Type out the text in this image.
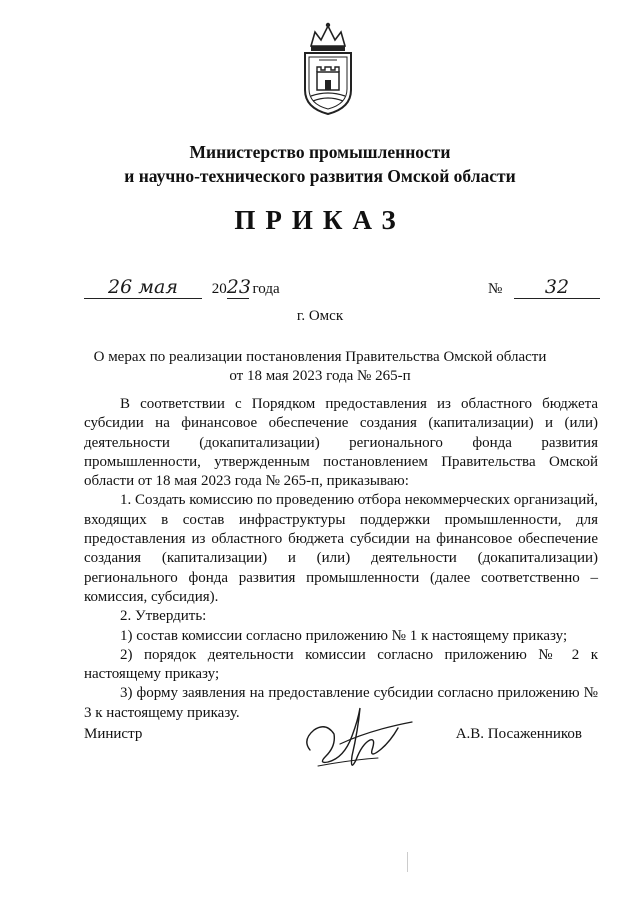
Министерство промышленности
и научно-технического развития Омской области
ПРИКАЗ
26 мая 2023 года	№ 32
г. Омск
О мерах по реализации постановления Правительства Омской области
от 18 мая 2023 года № 265-п

В соответствии с Порядком предоставления из областного бюджета субсидии на финансовое обеспечение создания (капитализации) и (или) деятельности (докапитализации) регионального фонда развития промышленности, утвержденным постановлением Правительства Омской области от 18 мая 2023 года № 265-п, приказываю:

1. Создать комиссию по проведению отбора некоммерческих организаций, входящих в состав инфраструктуры поддержки промышленности, для предоставления из областного бюджета субсидии на финансовое обеспечение создания (капитализации) и (или) деятельности (докапитализации) регионального фонда развития промышленности (далее соответственно – комиссия, субсидия).

2. Утвердить:

1) состав комиссии согласно приложению № 1 к настоящему приказу;

2) порядок деятельности комиссии согласно приложению № 2 к настоящему приказу;

3) форму заявления на предоставление субсидии согласно приложению № 3 к настоящему приказу.

Министр	А.В. Посаженников
